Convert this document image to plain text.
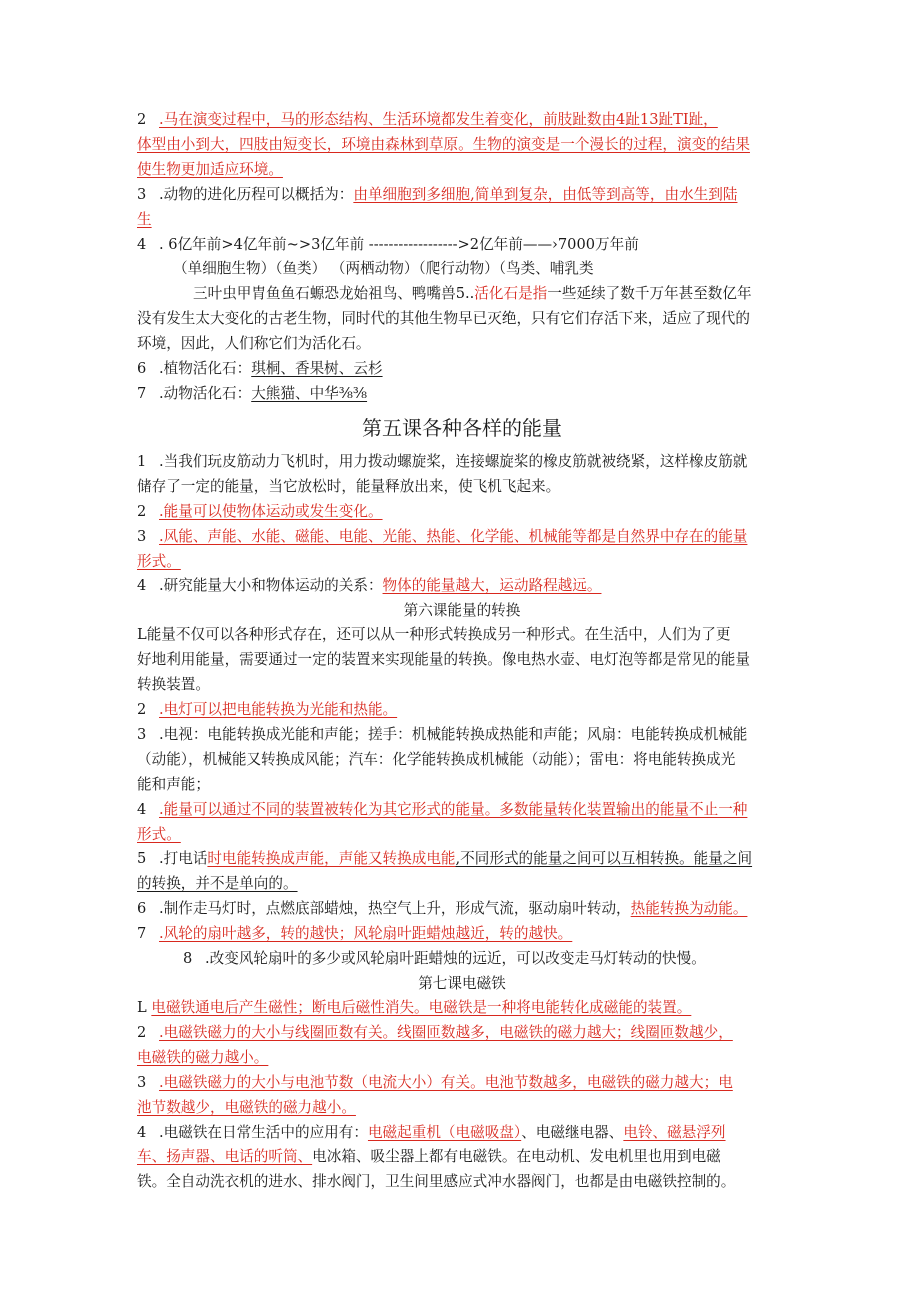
2 .马在演变过程中，马的形态结构、生活环境都发生着变化，前肢趾数由4趾13趾TI趾，
体型由小到大，四肢由短变长，环境由森林到草原。生物的演变是一个漫长的过程，演变的结果
使生物更加适应环境。
3 .动物的进化历程可以概括为：由单细胞到多细胞,简单到复杂，由低等到高等，由水生到陆
生
4 . 6亿年前>4亿年前~>3亿年前 ------------------>2亿年前——›7000万年前
（单细胞生物）（鱼类） （两栖动物）（爬行动物）（鸟类、哺乳类
三叶虫甲胄鱼鱼石螈恐龙始祖鸟、鸭嘴兽5..活化石是指一些延续了数千万年甚至数亿年
没有发生太大变化的古老生物，同时代的其他生物早已灭绝，只有它们存活下来，适应了现代的
环境，因此，人们称它们为活化石。
6 .植物活化石：琪桐、香果树、云杉
7 .动物活化石：大熊猫、中华⅜⅜
第五课各种各样的能量
1 .当我们玩皮筋动力飞机时，用力拨动螺旋桨，连接螺旋桨的橡皮筋就被绕紧，这样橡皮筋就
储存了一定的能量，当它放松时，能量释放出来，使飞机飞起来。
2 .能量可以使物体运动或发生变化。
3 .风能、声能、水能、磁能、电能、光能、热能、化学能、机械能等都是自然界中存在的能量
形式。
4 .研究能量大小和物体运动的关系：物体的能量越大，运动路程越远。
第六课能量的转换
L能量不仅可以各种形式存在，还可以从一种形式转换成另一种形式。在生活中，人们为了更
好地利用能量，需要通过一定的装置来实现能量的转换。像电热水壶、电灯泡等都是常见的能量
转换装置。
2 .电灯可以把电能转换为光能和热能。
3 .电视：电能转换成光能和声能；搓手：机械能转换成热能和声能；风扇：电能转换成机械能
（动能），机械能又转换成风能；汽车：化学能转换成机械能（动能）；雷电：将电能转换成光
能和声能；
4 .能量可以通过不同的装置被转化为其它形式的能量。多数能量转化装置输出的能量不止一种
形式。
5 .打电话时电能转换成声能，声能又转换成电能,不同形式的能量之间可以互相转换。能量之间
的转换，并不是单向的。
6 .制作走马灯时，点燃底部蜡烛，热空气上升，形成气流，驱动扇叶转动，热能转换为动能。
7 .风轮的扇叶越多，转的越快；风轮扇叶距蜡烛越近，转的越快。
8 .改变风轮扇叶的多少或风轮扇叶距蜡烛的远近，可以改变走马灯转动的快慢。
第七课电磁铁
L 电磁铁通电后产生磁性；断电后磁性消失。电磁铁是一种将电能转化成磁能的装置。
2 .电磁铁磁力的大小与线圈匝数有关。线圈匝数越多，电磁铁的磁力越大；线圈匝数越少，
电磁铁的磁力越小。
3 .电磁铁磁力的大小与电池节数（电流大小）有关。电池节数越多，电磁铁的磁力越大；电
池节数越少，电磁铁的磁力越小。
4 .电磁铁在日常生活中的应用有：电磁起重机（电磁吸盘）、电磁继电器、电铃、磁悬浮列
车、扬声器、电话的听筒、电冰箱、吸尘器上都有电磁铁。在电动机、发电机里也用到电磁
铁。全自动洗衣机的进水、排水阀门，卫生间里感应式冲水器阀门，也都是由电磁铁控制的。
